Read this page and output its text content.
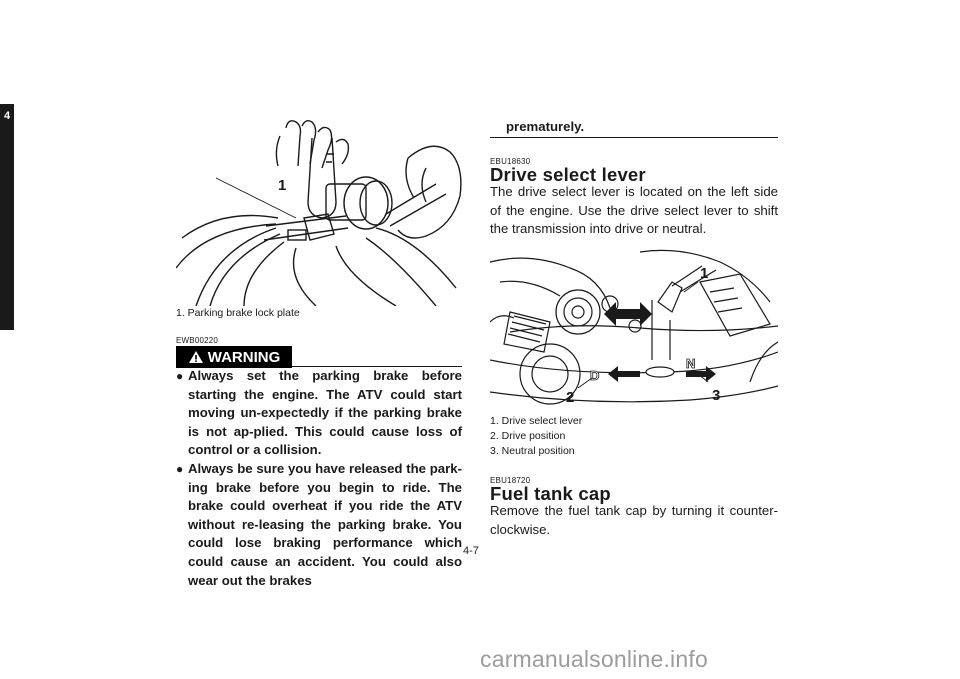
4
1
1. Parking brake lock plate
EWB00220
WARNING
● Always set the parking brake before starting the engine. The ATV could start moving un-expectedly if the parking brake is not ap-plied. This could cause loss of control or a collision.
● Always be sure you have released the park-ing brake before you begin to ride. The brake could overheat if you ride the ATV without re-leasing the parking brake. You could lose braking performance which could cause an accident. You could also wear out the brakes
prematurely.
EBU18630
Drive select lever
The drive select lever is located on the left side of the engine. Use the drive select lever to shift the transmission into drive or neutral.
D
N
1
2	3
1. Drive select lever
2. Drive position
3. Neutral position
EBU18720
Fuel tank cap
Remove the fuel tank cap by turning it counter-clockwise.
4-7
carmanualsonline.info
